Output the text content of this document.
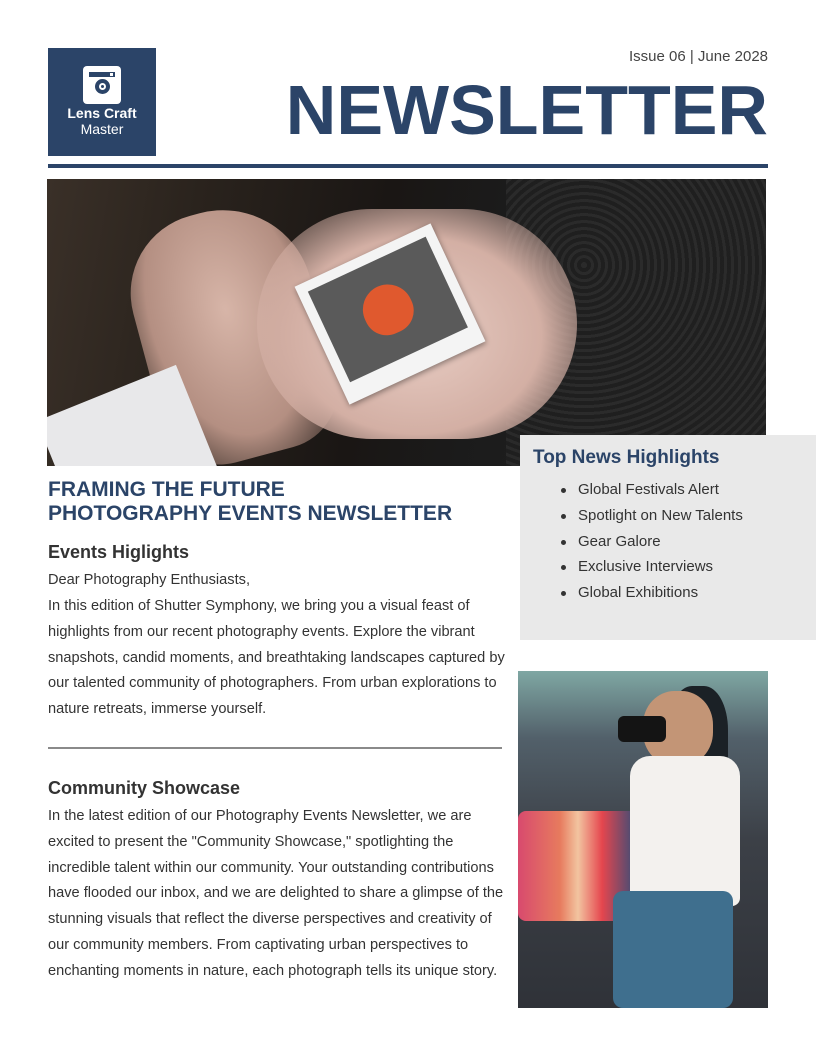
Lens Craft
Master
Issue 06 | June 2028
NEWSLETTER
Top News Highlights
Global Festivals Alert
Spotlight on New Talents
Gear Galore
Exclusive Interviews
Global Exhibitions
FRAMING THE FUTURE
PHOTOGRAPHY EVENTS NEWSLETTER
Events Higlights
Dear Photography Enthusiasts,
In this edition of Shutter Symphony, we bring you a visual feast of highlights from our recent photography events. Explore the vibrant snapshots, candid moments, and breathtaking landscapes captured by our talented community of photographers. From urban explorations to nature retreats, immerse yourself.
Community Showcase
In the latest edition of our Photography Events Newsletter, we are excited to present the "Community Showcase," spotlighting the incredible talent within our community. Your outstanding contributions have flooded our inbox, and we are delighted to share a glimpse of the stunning visuals that reflect the diverse perspectives and creativity of our community members. From captivating urban perspectives to enchanting moments in nature, each photograph tells its unique story.
